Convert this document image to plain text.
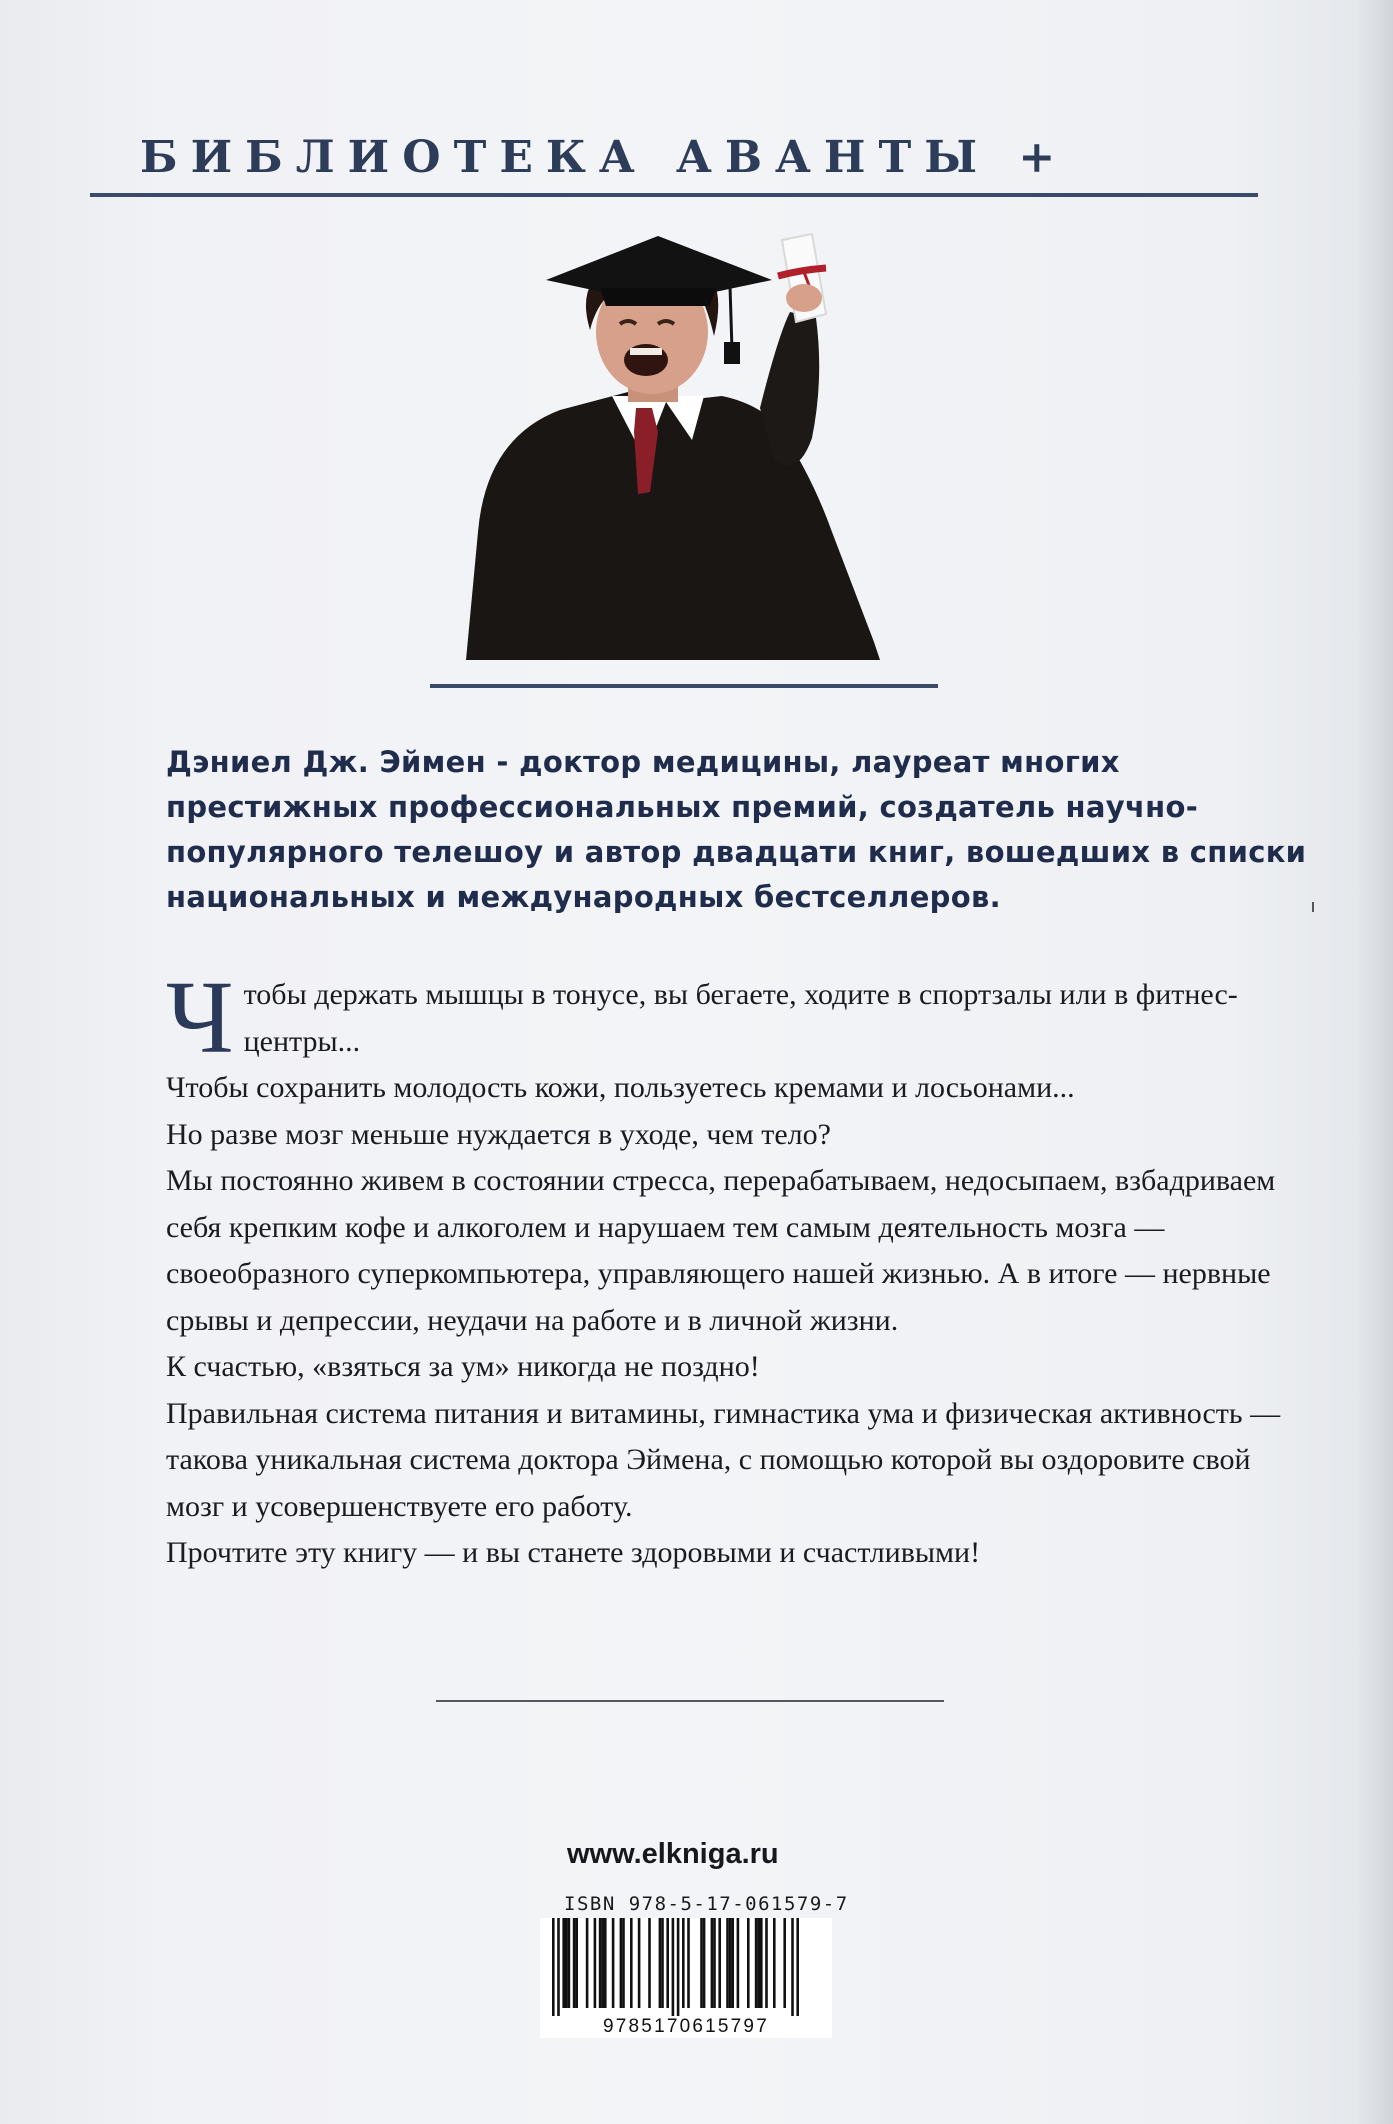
БИБЛИОТЕКА АВАНТЫ +

Дэниел Дж. Эймен - доктор медицины, лауреат многих престижных профессиональных премий, создатель научно-популярного телешоу и автор двадцати книг, вошедших в списки национальных и международных бестселлеров.

Ч тобы держать мышцы в тонусе, вы бегаете, ходите в спортзалы или в фитнес-центры...

Чтобы сохранить молодость кожи, пользуетесь кремами и лосьонами...

Но разве мозг меньше нуждается в уходе, чем тело?

Мы постоянно живем в состоянии стресса, перерабатываем, недосыпаем, взбадриваем себя крепким кофе и алкоголем и нарушаем тем самым деятельность мозга — своеобразного суперкомпьютера, управляющего нашей жизнью. А в итоге — нервные срывы и депрессии, неудачи на работе и в личной жизни.

К счастью, «взяться за ум» никогда не поздно!

Правильная система питания и витамины, гимнастика ума и физическая активность — такова уникальная система доктора Эймена, с помощью которой вы оздоровите свой мозг и усовершенствуете его работу.

Прочтите эту книгу — и вы станете здоровыми и счастливыми!

www.elkniga.ru

ISBN 978-5-17-061579-7

9785170615797
